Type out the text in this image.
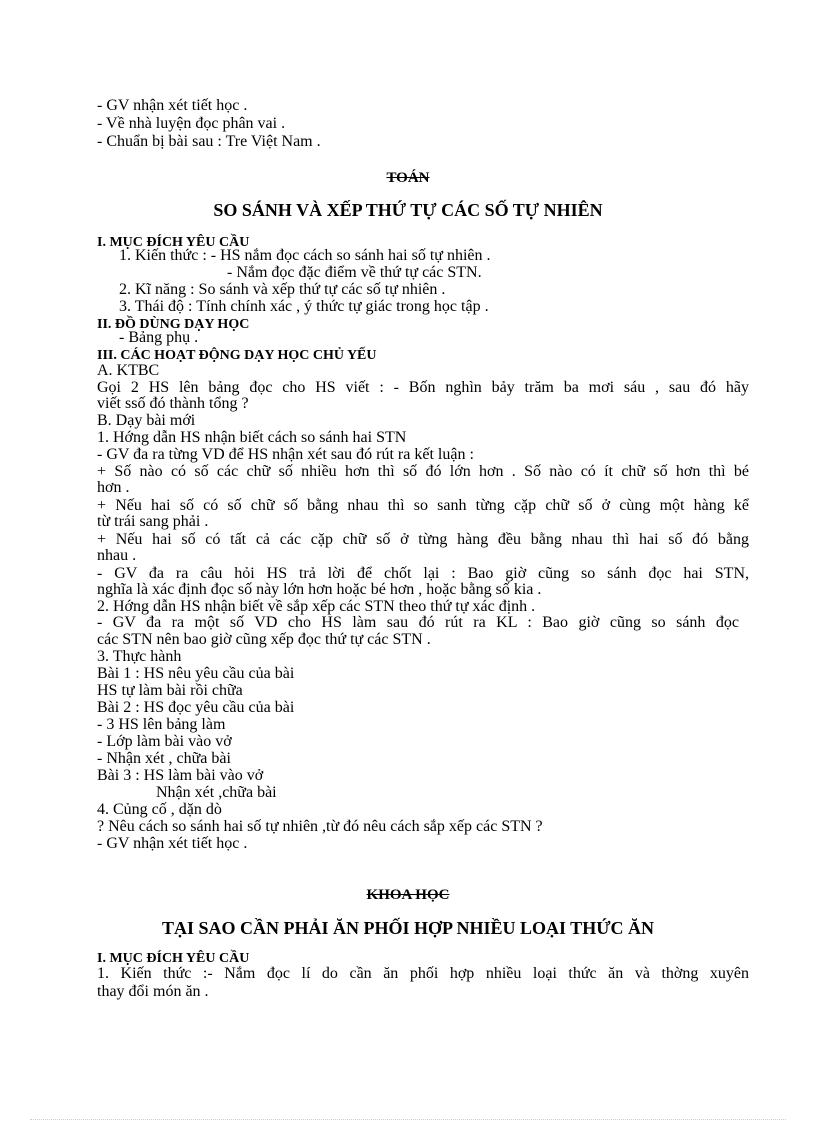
- GV nhận xét tiết học .
- Về nhà luyện đọc phân vai .
- Chuẩn bị bài sau : Tre Việt Nam .
TOÁN
SO SÁNH VÀ XẾP THỨ TỰ CÁC SỐ TỰ NHIÊN
I. MỤC ĐÍCH YÊU CẦU
1. Kiến thức : - HS nắm đọc cách so sánh hai số tự nhiên .
- Nắm đọc đặc điểm về thứ tự các STN.
2. Kĩ năng : So sánh và xếp thứ tự các số tự nhiên .
3. Thái độ : Tính chính xác , ý thức tự giác trong học tập .
II. ĐỒ DÙNG DẠY HỌC
- Bảng phụ .
III. CÁC HOẠT ĐỘNG DẠY HỌC CHỦ YẾU
A. KTBC
Gọi 2 HS lên bảng đọc cho HS viết : - Bốn nghìn bảy trăm ba mơi sáu , sau đó hãy
viết ssố đó thành tổng ?
B. Dạy bài mới
1. Hớng dẫn HS nhận biết cách so sánh hai STN
- GV đa ra từng VD để HS nhận xét sau đó rút ra kết luận :
+ Số nào có số các chữ số nhiều hơn thì số đó lớn hơn . Số nào có ít chữ số hơn thì bé
hơn .
+ Nếu hai số có số chữ số bằng nhau thì so sanh từng cặp chữ số ở cùng một hàng kể
từ trái sang phải .
+ Nếu hai số có tất cả các cặp chữ số ở từng hàng đều bằng nhau thì hai số đó bằng
nhau .
- GV đa ra câu hỏi HS trả lời để chốt lại : Bao giờ cũng so sánh đọc hai STN,
nghĩa là xác định đọc số này lớn hơn hoặc bé hơn , hoặc bằng số kia .
2. Hớng dẫn HS nhận biết về sắp xếp các STN theo thứ tự xác định .
- GV đa ra một số VD cho HS làm sau đó rút ra KL : Bao giờ cũng so sánh đọc
các STN nên bao giờ cũng xếp đọc thứ tự các STN .
3. Thực hành
Bài 1 : HS nêu yêu cầu của bài
HS tự làm bài rồi chữa
Bài 2 : HS đọc yêu cầu của bài
- 3 HS lên bảng làm
- Lớp làm bài vào vở
- Nhận xét , chữa bài
Bài 3 : HS làm bài vào vở
Nhận xét ,chữa bài
4. Củng cố , dặn dò
? Nêu cách so sánh hai số tự nhiên ,từ đó nêu cách sắp xếp các STN ?
- GV nhận xét tiết học .
KHOA HỌC
TẠI SAO CẦN PHẢI ĂN PHỐI HỢP NHIỀU LOẠI THỨC ĂN
I. MỤC ĐÍCH YÊU CẦU
1. Kiến thức :- Nắm đọc lí do cần ăn phối hợp nhiều loại thức ăn và thờng xuyên
thay đổi món ăn .
